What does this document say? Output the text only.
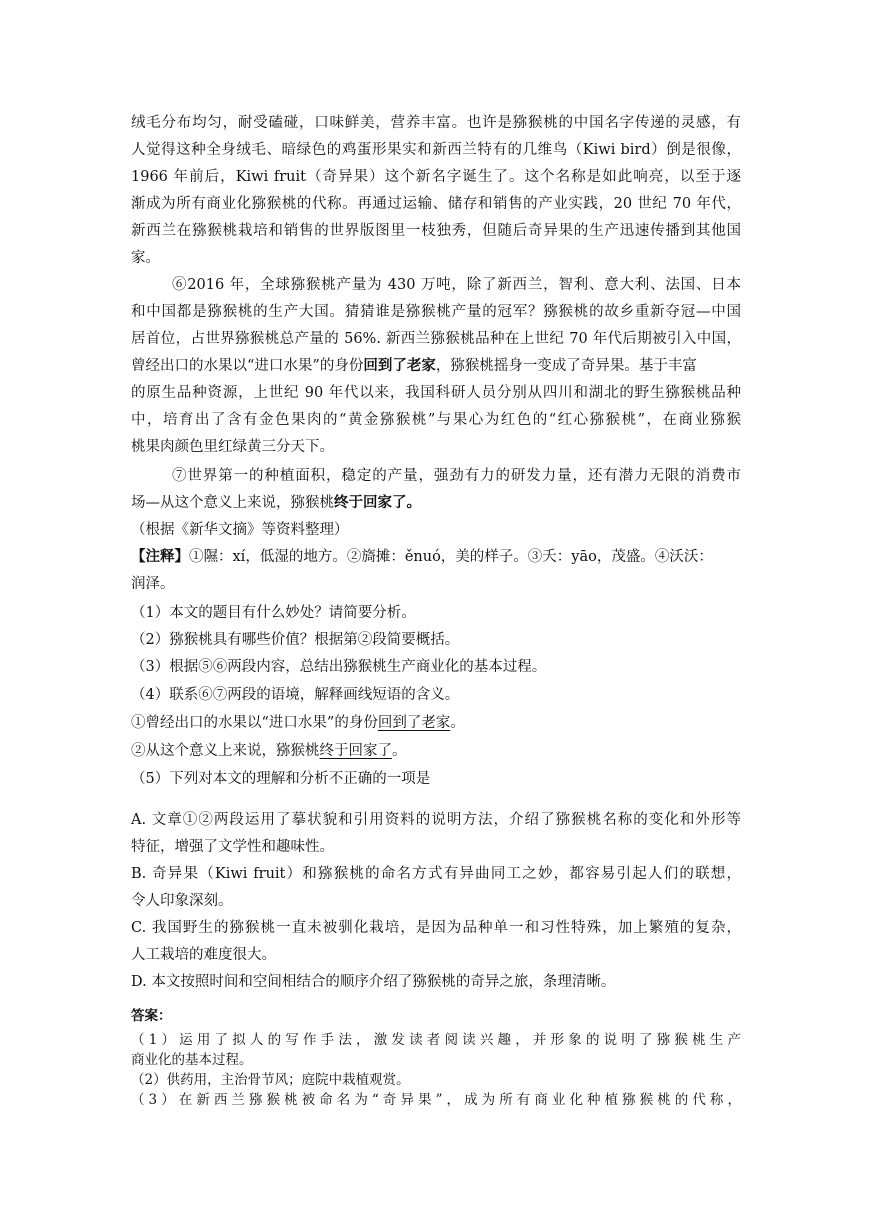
绒毛分布均匀，耐受磕碰，口味鲜美，营养丰富。也许是猕猴桃的中国名字传递的灵感，有
人觉得这种全身绒毛、暗绿色的鸡蛋形果实和新西兰特有的几维鸟（Kiwi bird）倒是很像，
1966 年前后，Kiwi fruit（奇异果）这个新名字诞生了。这个名称是如此响亮，以至于逐
渐成为所有商业化猕猴桃的代称。再通过运输、储存和销售的产业实践，20 世纪 70 年代，
新西兰在猕猴桃栽培和销售的世界版图里一枝独秀，但随后奇异果的生产迅速传播到其他国
家。
⑥2016 年，全球猕猴桃产量为 430 万吨，除了新西兰，智利、意大利、法国、日本
和中国都是猕猴桃的生产大国。猜猜谁是猕猴桃产量的冠军？猕猴桃的故乡重新夺冠—中国
居首位，占世界猕猴桃总产量的 56%. 新西兰猕猴桃品种在上世纪 70 年代后期被引入中国，
曾经出口的水果以“进口水果”的身份回到了老家，猕猴桃摇身一变成了奇异果。基于丰富
的原生品种资源，上世纪 90 年代以来，我国科研人员分别从四川和湖北的野生猕猴桃品种
中，培育出了含有金色果肉的“黄金猕猴桃”与果心为红色的“红心猕猴桃”，在商业猕猴
桃果肉颜色里红绿黄三分天下。
⑦世界第一的种植面积，稳定的产量，强劲有力的研发力量，还有潜力无限的消费市
场—从这个意义上来说，猕猴桃终于回家了。
（根据《新华文摘》等资料整理）
【注释】①隰：xí，低湿的地方。②旖摊：ěnuó，美的样子。③夭：yāo，茂盛。④沃沃：
润泽。
（1）本文的题目有什么妙处？请简要分析。
（2）猕猴桃具有哪些价值？根据第②段简要概括。
（3）根据⑤⑥两段内容，总结出猕猴桃生产商业化的基本过程。
（4）联系⑥⑦两段的语境，解释画线短语的含义。
①曾经出口的水果以“进口水果”的身份回到了老家。
②从这个意义上来说，猕猴桃终于回家了。
（5）下列对本文的理解和分析不正确的一项是
A. 文章①②两段运用了摹状貌和引用资料的说明方法，介绍了猕猴桃名称的变化和外形等
特征，增强了文学性和趣味性。
B. 奇异果（Kiwi fruit）和猕猴桃的命名方式有异曲同工之妙，都容易引起人们的联想，
令人印象深刻。
C. 我国野生的猕猴桃一直未被驯化栽培，是因为品种单一和习性特殊，加上繁殖的复杂，
人工栽培的难度很大。
D. 本文按照时间和空间相结合的顺序介绍了猕猴桃的奇异之旅，条理清晰。
答案：
（1）运用了拟人的写作手法，激发读者阅读兴趣，并形象的说明了猕猴桃生产
商业化的基本过程。
（2）供药用，主治骨节风；庭院中栽植观赏。
（3）在新西兰猕猴桃被命名为“奇异果”，成为所有商业化种植猕猴桃的代称，
